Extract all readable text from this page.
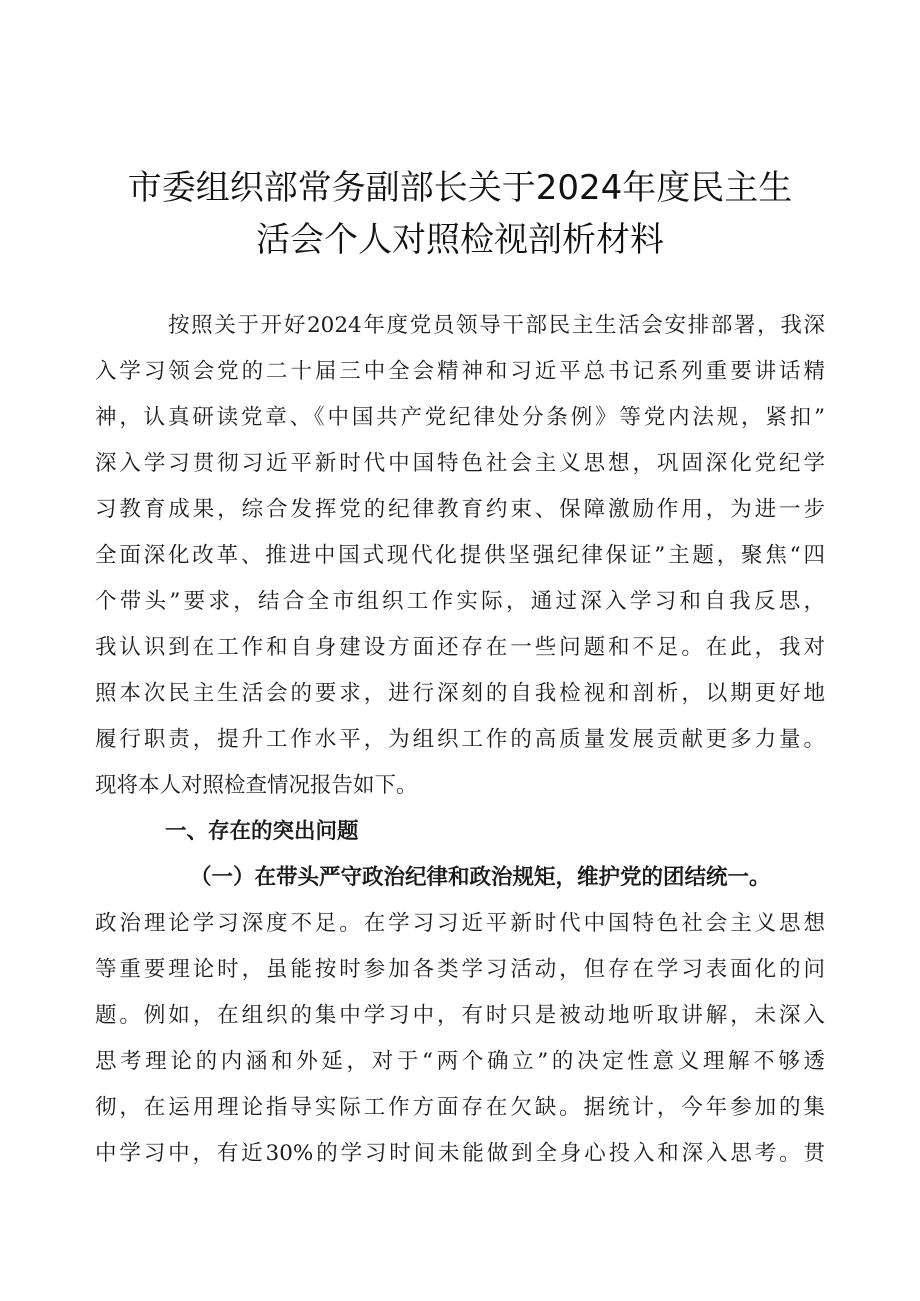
市委组织部常务副部长关于2024年度民主生
活会个人对照检视剖析材料
按照关于开好2024年度党员领导干部民主生活会安排部署，我深
入学习领会党的二十届三中全会精神和习近平总书记系列重要讲话精
神，认真研读党章、《中国共产党纪律处分条例》等党内法规，紧扣”
深入学习贯彻习近平新时代中国特色社会主义思想，巩固深化党纪学
习教育成果，综合发挥党的纪律教育约束、保障激励作用，为进一步
全面深化改革、推进中国式现代化提供坚强纪律保证”主题，聚焦“四
个带头”要求，结合全市组织工作实际，通过深入学习和自我反思，
我认识到在工作和自身建设方面还存在一些问题和不足。在此，我对
照本次民主生活会的要求，进行深刻的自我检视和剖析，以期更好地
履行职责，提升工作水平，为组织工作的高质量发展贡献更多力量。
现将本人对照检查情况报告如下。
一、存在的突出问题
（一）在带头严守政治纪律和政治规矩，维护党的团结统一。
政治理论学习深度不足。在学习习近平新时代中国特色社会主义思想
等重要理论时，虽能按时参加各类学习活动，但存在学习表面化的问
题。例如，在组织的集中学习中，有时只是被动地听取讲解，未深入
思考理论的内涵和外延，对于“两个确立”的决定性意义理解不够透
彻，在运用理论指导实际工作方面存在欠缺。据统计，今年参加的集
中学习中，有近30%的学习时间未能做到全身心投入和深入思考。贯
